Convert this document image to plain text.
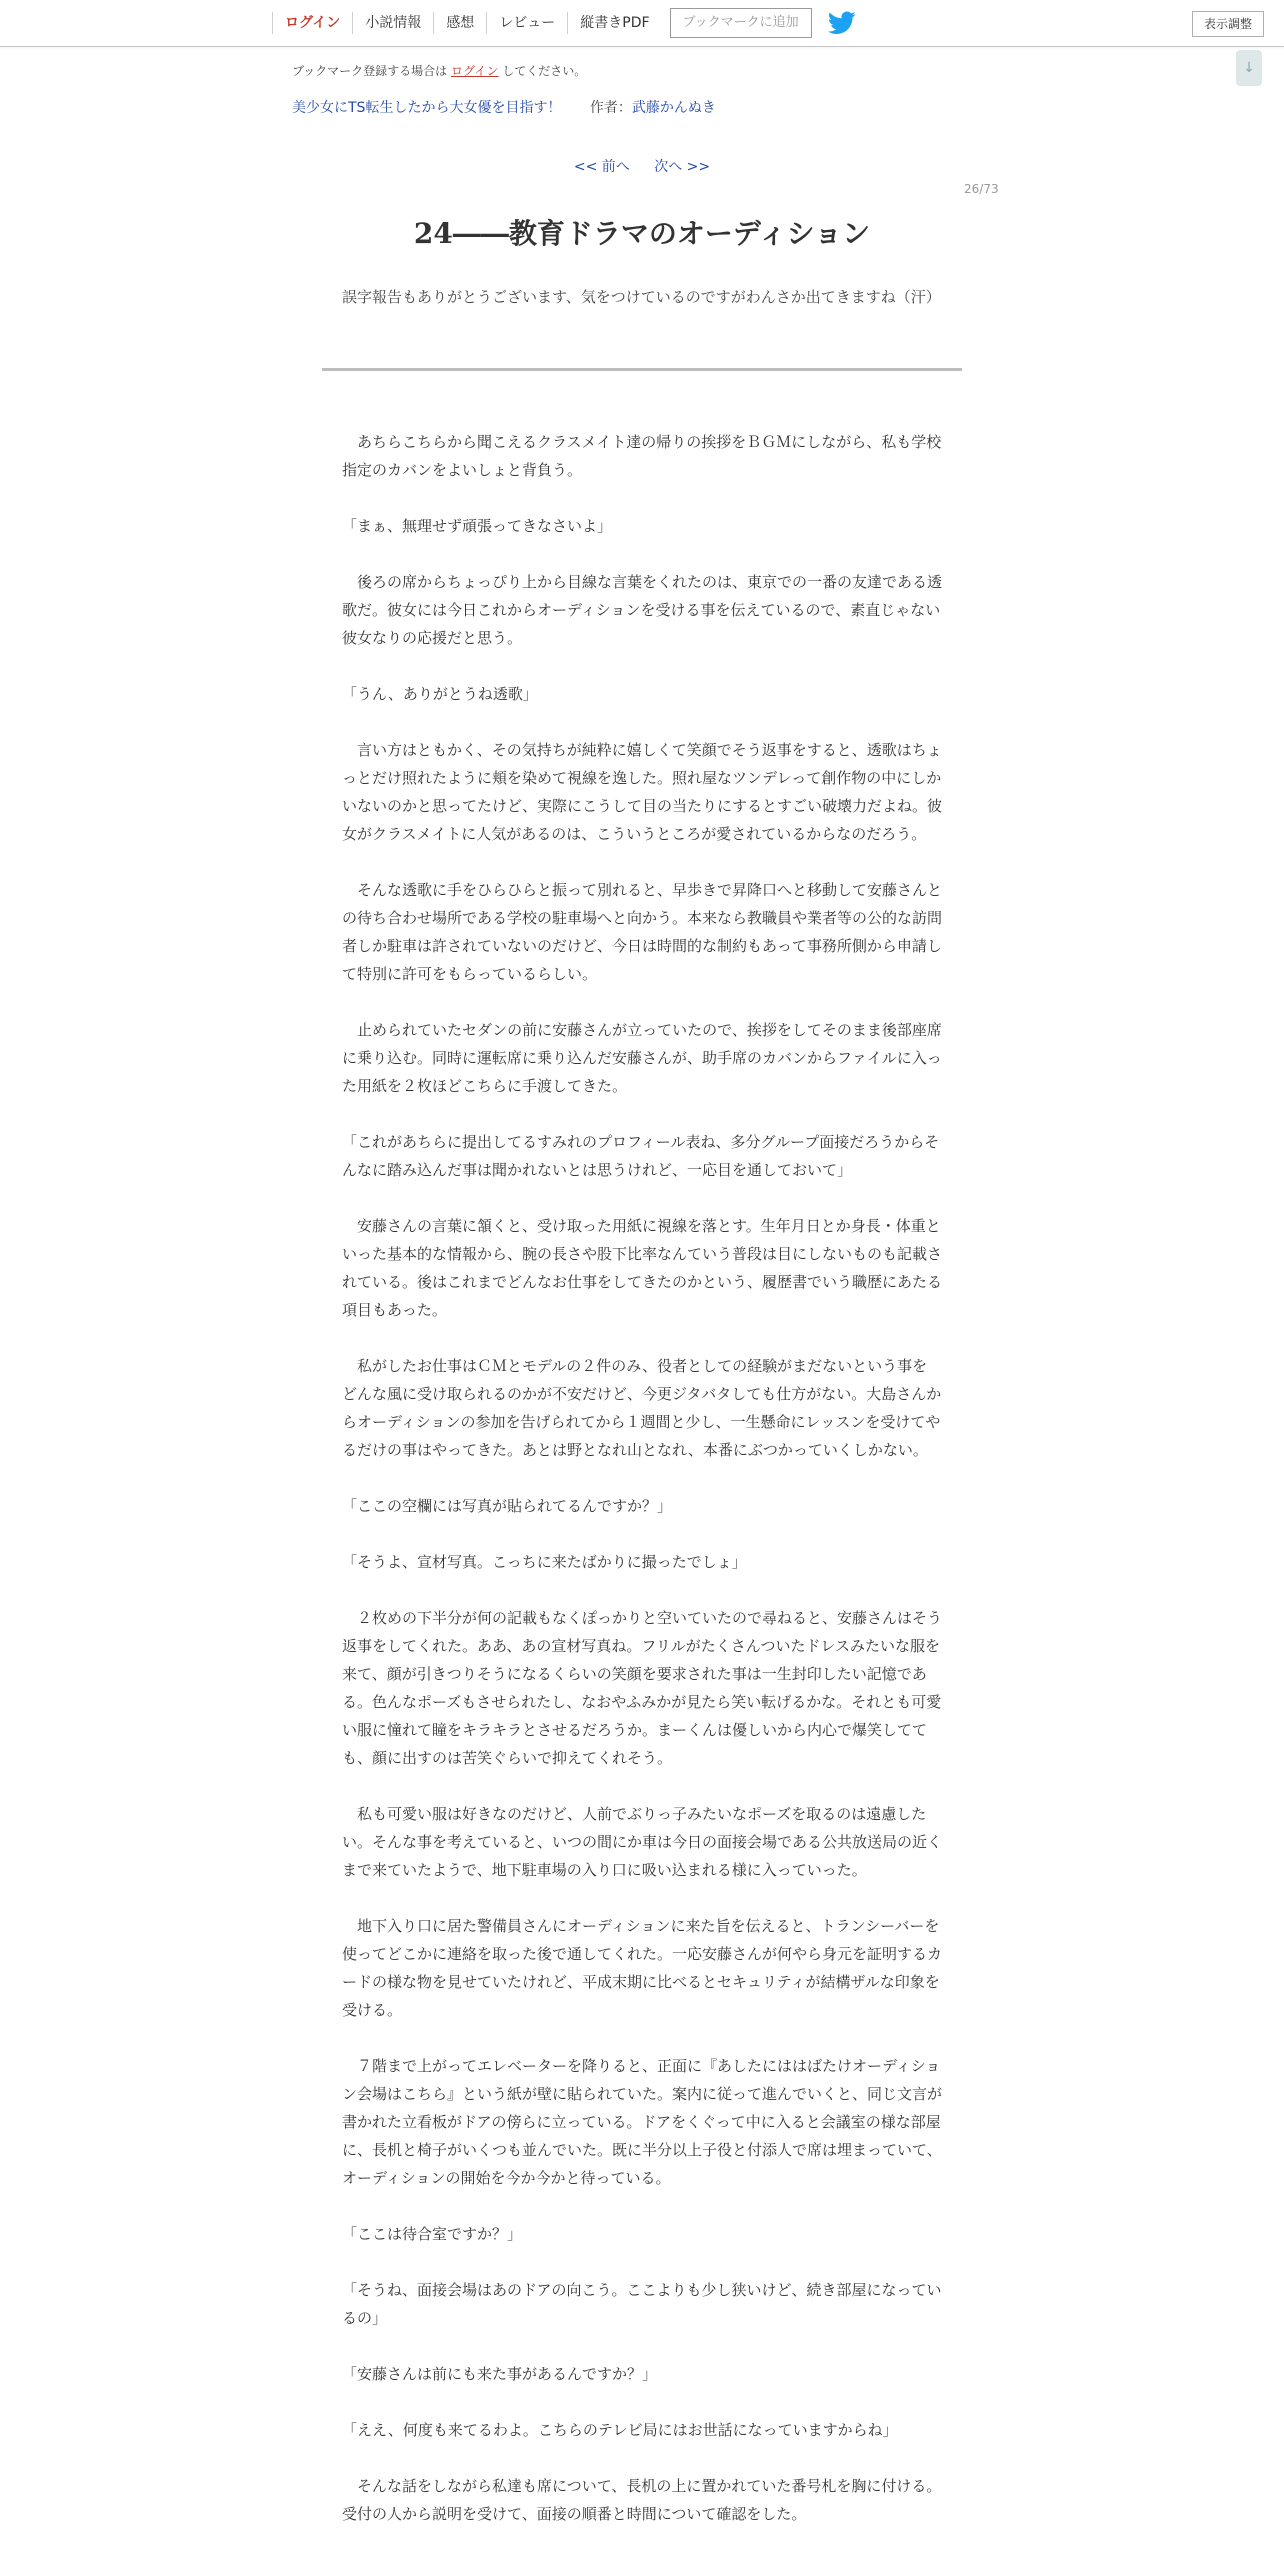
ログイン	小説情報	感想	レビュー	縦書きPDF	ブックマークに追加	表示調整
ブックマーク登録する場合は ログイン してください。
美少女にTS転生したから大女優を目指す！ 作者：武藤かんぬき
↓
<< 前へ 次へ >>
26/73
24――教育ドラマのオーディション
誤字報告もありがとうございます、気をつけているのですがわんさか出てきますね（汗）

　あちらこちらから聞こえるクラスメイト達の帰りの挨拶をＢＧＭにしながら、私も学校指定のカバンをよいしょと背負う。

「まぁ、無理せず頑張ってきなさいよ」

　後ろの席からちょっぴり上から目線な言葉をくれたのは、東京での一番の友達である透歌だ。彼女には今日これからオーディションを受ける事を伝えているので、素直じゃない彼女なりの応援だと思う。

「うん、ありがとうね透歌」

　言い方はともかく、その気持ちが純粋に嬉しくて笑顔でそう返事をすると、透歌はちょっとだけ照れたように頬を染めて視線を逸した。照れ屋なツンデレって創作物の中にしかいないのかと思ってたけど、実際にこうして目の当たりにするとすごい破壊力だよね。彼女がクラスメイトに人気があるのは、こういうところが愛されているからなのだろう。

　そんな透歌に手をひらひらと振って別れると、早歩きで昇降口へと移動して安藤さんとの待ち合わせ場所である学校の駐車場へと向かう。本来なら教職員や業者等の公的な訪問者しか駐車は許されていないのだけど、今日は時間的な制約もあって事務所側から申請して特別に許可をもらっているらしい。

　止められていたセダンの前に安藤さんが立っていたので、挨拶をしてそのまま後部座席に乗り込む。同時に運転席に乗り込んだ安藤さんが、助手席のカバンからファイルに入った用紙を２枚ほどこちらに手渡してきた。

「これがあちらに提出してるすみれのプロフィール表ね、多分グループ面接だろうからそんなに踏み込んだ事は聞かれないとは思うけれど、一応目を通しておいて」

　安藤さんの言葉に頷くと、受け取った用紙に視線を落とす。生年月日とか身長・体重といった基本的な情報から、腕の長さや股下比率なんていう普段は目にしないものも記載されている。後はこれまでどんなお仕事をしてきたのかという、履歴書でいう職歴にあたる項目もあった。

　私がしたお仕事はＣＭとモデルの２件のみ、役者としての経験がまだないという事をどんな風に受け取られるのかが不安だけど、今更ジタバタしても仕方がない。大島さんからオーディションの参加を告げられてから１週間と少し、一生懸命にレッスンを受けてやるだけの事はやってきた。あとは野となれ山となれ、本番にぶつかっていくしかない。

「ここの空欄には写真が貼られてるんですか？」

「そうよ、宣材写真。こっちに来たばかりに撮ったでしょ」

　２枚めの下半分が何の記載もなくぽっかりと空いていたので尋ねると、安藤さんはそう返事をしてくれた。ああ、あの宣材写真ね。フリルがたくさんついたドレスみたいな服を来て、顔が引きつりそうになるくらいの笑顔を要求された事は一生封印したい記憶である。色んなポーズもさせられたし、なおやふみかが見たら笑い転げるかな。それとも可愛い服に憧れて瞳をキラキラとさせるだろうか。まーくんは優しいから内心で爆笑してても、顔に出すのは苦笑ぐらいで抑えてくれそう。

　私も可愛い服は好きなのだけど、人前でぶりっ子みたいなポーズを取るのは遠慮したい。そんな事を考えていると、いつの間にか車は今日の面接会場である公共放送局の近くまで来ていたようで、地下駐車場の入り口に吸い込まれる様に入っていった。

　地下入り口に居た警備員さんにオーディションに来た旨を伝えると、トランシーバーを使ってどこかに連絡を取った後で通してくれた。一応安藤さんが何やら身元を証明するカードの様な物を見せていたけれど、平成末期に比べるとセキュリティが結構ザルな印象を受ける。

　７階まで上がってエレベーターを降りると、正面に『あしたにははばたけオーディション会場はこちら』という紙が壁に貼られていた。案内に従って進んでいくと、同じ文言が書かれた立看板がドアの傍らに立っている。ドアをくぐって中に入ると会議室の様な部屋に、長机と椅子がいくつも並んでいた。既に半分以上子役と付添人で席は埋まっていて、オーディションの開始を今か今かと待っている。

「ここは待合室ですか？」

「そうね、面接会場はあのドアの向こう。ここよりも少し狭いけど、続き部屋になっているの」

「安藤さんは前にも来た事があるんですか？」

「ええ、何度も来てるわよ。こちらのテレビ局にはお世話になっていますからね」

　そんな話をしながら私達も席について、長机の上に置かれていた番号札を胸に付ける。受付の人から説明を受けて、面接の順番と時間について確認をした。
